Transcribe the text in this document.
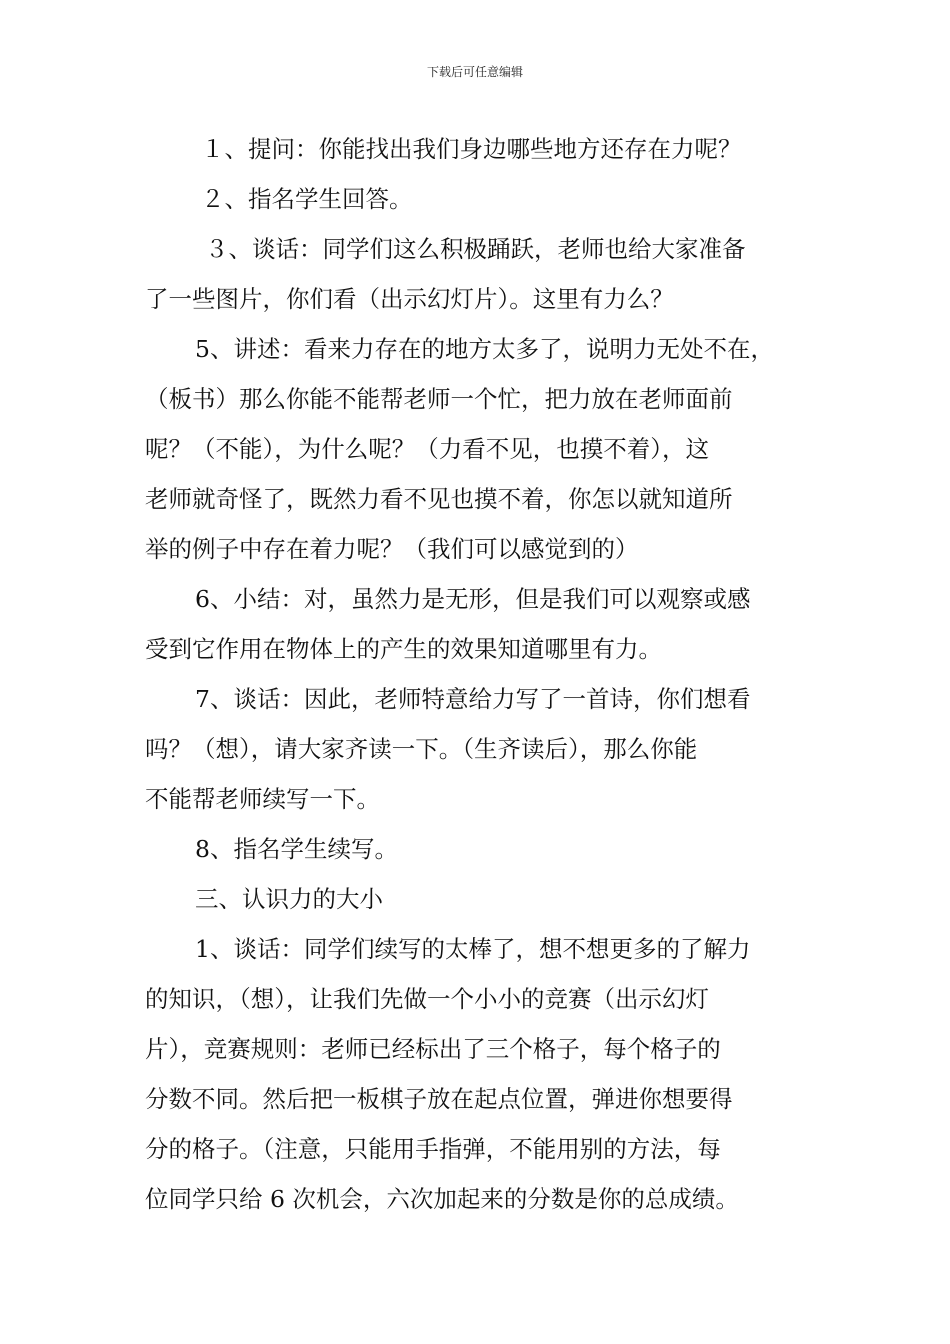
下载后可任意编辑

１、提问：你能找出我们身边哪些地方还存在力呢？

２、指名学生回答。

３、谈话：同学们这么积极踊跃，老师也给大家准备

了一些图片，你们看（出示幻灯片）。这里有力么？

5、讲述：看来力存在的地方太多了，说明力无处不在，

（板书）那么你能不能帮老师一个忙，把力放在老师面前

呢？（不能），为什么呢？（力看不见，也摸不着），这

老师就奇怪了，既然力看不见也摸不着，你怎以就知道所

举的例子中存在着力呢？（我们可以感觉到的）

6、小结：对，虽然力是无形，但是我们可以观察或感

受到它作用在物体上的产生的效果知道哪里有力。

7、谈话：因此，老师特意给力写了一首诗，你们想看

吗？（想），请大家齐读一下。（生齐读后），那么你能

不能帮老师续写一下。

8、指名学生续写。

三、认识力的大小

1、谈话：同学们续写的太棒了，想不想更多的了解力

的知识，（想），让我们先做一个小小的竞赛（出示幻灯

片），竞赛规则：老师已经标出了三个格子，每个格子的

分数不同。然后把一板棋子放在起点位置，弹进你想要得

分的格子。（注意，只能用手指弹，不能用别的方法，每

位同学只给 6 次机会，六次加起来的分数是你的总成绩。
